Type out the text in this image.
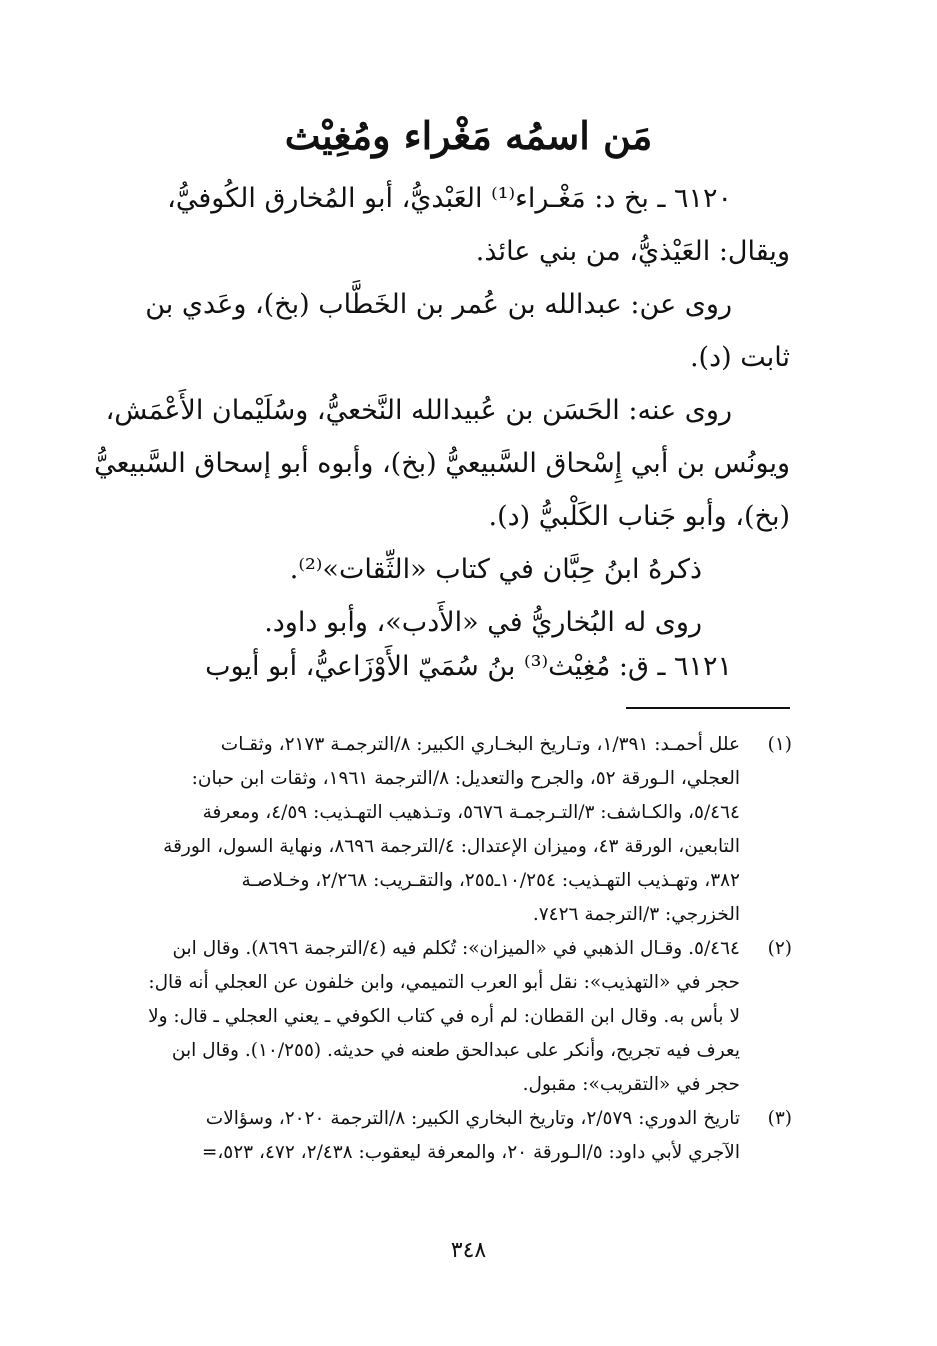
مَن اسمُه مَغْراء ومُغِيْث
٦١٢٠ ـ بخ د: مَغْـراء⁽¹⁾ العَبْديُّ، أبو المُخارق الكُوفيُّ،
ويقال: العَيْذيُّ، من بني عائذ.
روى عن: عبدالله بن عُمر بن الخَطَّاب (بخ)، وعَدي بن
ثابت (د).
روى عنه: الحَسَن بن عُبيدالله النَّخعيُّ، وسُلَيْمان الأَعْمَش،
ويونُس بن أبي إِسْحاق السَّبيعيُّ (بخ)، وأبوه أبو إسحاق السَّبيعيُّ
(بخ)، وأبو جَناب الكَلْبيُّ (د).
ذكرهُ ابنُ حِبَّان في كتاب «الثِّقات»⁽²⁾.
روى له البُخاريُّ في «الأَدب»، وأبو داود.
٦١٢١ ـ ق: مُغِيْث⁽³⁾ بنُ سُمَيّ الأَوْزَاعيُّ، أبو أيوب
(١)
علل أحمـد: ١/٣٩١، وتـاريخ البخـاري الكبير: ٨/الترجمـة ٢١٧٣، وثقـات
العجلي، الـورقة ٥٢، والجرح والتعديل: ٨/الترجمة ١٩٦١، وثقات ابن حبان:
٥/٤٦٤، والكـاشف: ٣/التـرجمـة ٥٦٧٦، وتـذهيب التهـذيب: ٤/٥٩، ومعرفة
التابعين، الورقة ٤٣، وميزان الإعتدال: ٤/الترجمة ٨٦٩٦، ونهاية السول، الورقة
٣٨٢، وتهـذيب التهـذيب: ١٠/٢٥٤ـ٢٥٥، والتقـريب: ٢/٢٦٨، وخـلاصـة
الخزرجي: ٣/الترجمة ٧٤٢٦.
(٢)
٥/٤٦٤. وقـال الذهبي في «الميزان»: تُكلم فيه (٤/الترجمة ٨٦٩٦). وقال ابن
حجر في «التهذيب»: نقل أبو العرب التميمي، وابن خلفون عن العجلي أنه قال:
لا بأس به. وقال ابن القطان: لم أره في كتاب الكوفي ـ يعني العجلي ـ قال: ولا
يعرف فيه تجريح، وأنكر على عبدالحق طعنه في حديثه. (١٠/٢٥٥). وقال ابن
حجر في «التقريب»: مقبول.
(٣)
تاريخ الدوري: ٢/٥٧٩، وتاريخ البخاري الكبير: ٨/الترجمة ٢٠٢٠، وسؤالات
الآجري لأبي داود: ٥/الـورقة ٢٠، والمعرفة ليعقوب: ٢/٤٣٨، ٤٧٢، ٥٢٣،=
٣٤٨
